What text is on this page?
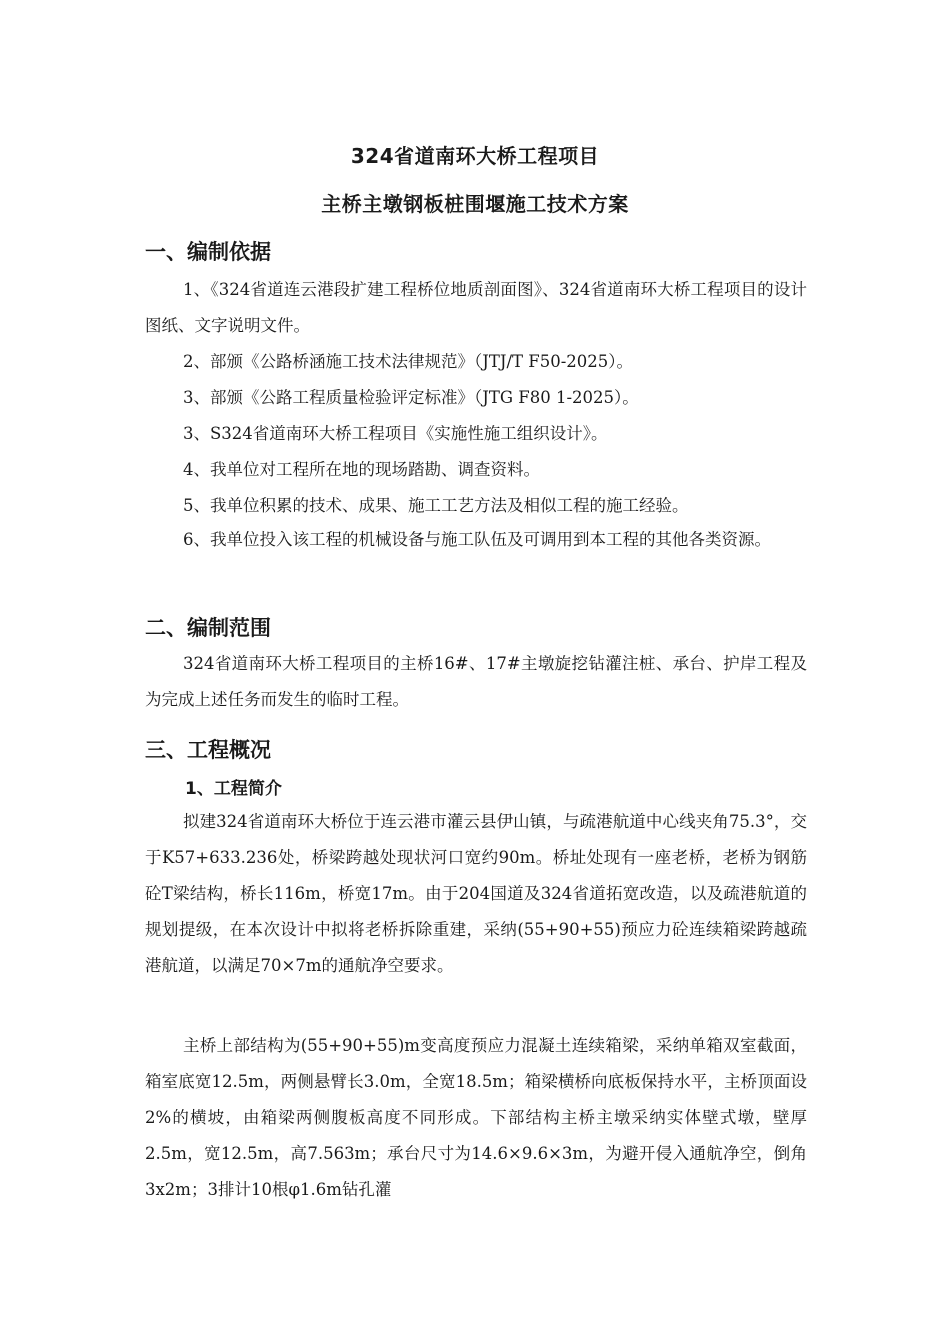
324省道南环大桥工程项目
主桥主墩钢板桩围堰施工技术方案
一、编制依据

1、《324省道连云港段扩建工程桥位地质剖面图》、324省道南环大桥工程项目的设计图纸、文字说明文件。

2、部颁《公路桥涵施工技术法律规范》（JTJ/T F50-2025）。

3、部颁《公路工程质量检验评定标准》（JTG F80 1-2025）。

3、S324省道南环大桥工程项目《实施性施工组织设计》。

4、我单位对工程所在地的现场踏勘、调查资料。

5、我单位积累的技术、成果、施工工艺方法及相似工程的施工经验。

6、我单位投入该工程的机械设备与施工队伍及可调用到本工程的其他各类资源。

二、编制范围

324省道南环大桥工程项目的主桥16#、17#主墩旋挖钻灌注桩、承台、护岸工程及为完成上述任务而发生的临时工程。

三、工程概况
1、工程简介

拟建324省道南环大桥位于连云港市灌云县伊山镇，与疏港航道中心线夹角75.3°，交于K57+633.236处，桥梁跨越处现状河口宽约90m。桥址处现有一座老桥，老桥为钢筋砼T梁结构，桥长116m，桥宽17m。由于204国道及324省道拓宽改造，以及疏港航道的规划提级，在本次设计中拟将老桥拆除重建，采纳(55+90+55)预应力砼连续箱梁跨越疏港航道，以满足70×7m的通航净空要求。

主桥上部结构为(55+90+55)m变高度预应力混凝土连续箱梁，采纳单箱双室截面，箱室底宽12.5m，两侧悬臂长3.0m，全宽18.5m；箱梁横桥向底板保持水平，主桥顶面设2%的横坡，由箱梁两侧腹板高度不同形成。下部结构主桥主墩采纳实体壁式墩，壁厚2.5m，宽12.5m，高7.563m；承台尺寸为14.6×9.6×3m，为避开侵入通航净空，倒角3x2m；3排计10根φ1.6m钻孔灌
